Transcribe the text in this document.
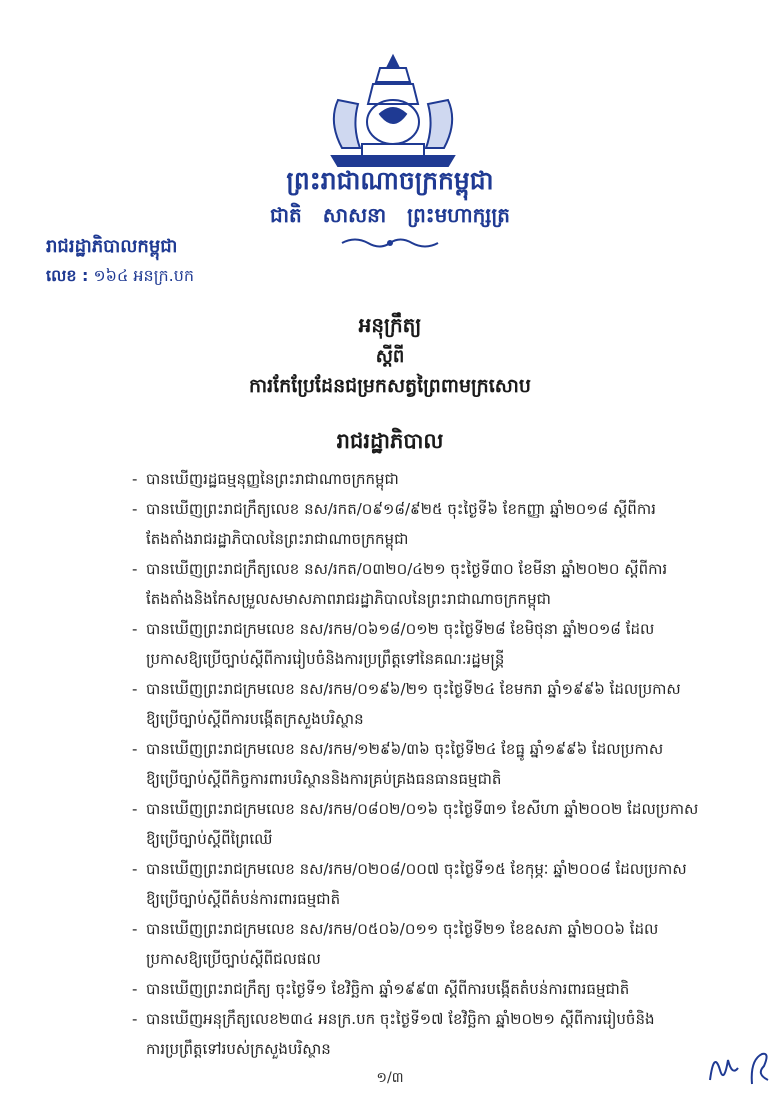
ព្រះរាជាណាចក្រកម្ពុជា
ជាតិ សាសនា ព្រះមហាក្សត្រ
រាជរដ្ឋាភិបាលកម្ពុជា
លេខ : ១៦៤ អនក្រ.បក
អនុក្រឹត្យ
ស្ដីពី
ការកែប្រែដែនជម្រកសត្វព្រៃពាមក្រសោប
រាជរដ្ឋាភិបាល
- បានឃើញរដ្ឋធម្មនុញ្ញនៃព្រះរាជាណាចក្រកម្ពុជា
- បានឃើញព្រះរាជក្រឹត្យលេខ នស/រកត/០៩១៨/៩២៥ ចុះថ្ងៃទី៦ ខែកញ្ញា ឆ្នាំ២០១៨ ស្តីពីការ
តែងតាំងរាជរដ្ឋាភិបាលនៃព្រះរាជាណាចក្រកម្ពុជា
- បានឃើញព្រះរាជក្រឹត្យលេខ នស/រកត/០៣២០/៤២១ ចុះថ្ងៃទី៣០ ខែមីនា ឆ្នាំ២០២០ ស្តីពីការ
តែងតាំងនិងកែសម្រួលសមាសភាពរាជរដ្ឋាភិបាលនៃព្រះរាជាណាចក្រកម្ពុជា
- បានឃើញព្រះរាជក្រមលេខ នស/រកម/០៦១៨/០១២ ចុះថ្ងៃទី២៨ ខែមិថុនា ឆ្នាំ២០១៨ ដែល
ប្រកាសឱ្យប្រើច្បាប់ស្តីពីការរៀបចំនិងការប្រព្រឹត្តទៅនៃគណៈរដ្ឋមន្ត្រី
- បានឃើញព្រះរាជក្រមលេខ នស/រកម/០១៩៦/២១ ចុះថ្ងៃទី២៤ ខែមករា ឆ្នាំ១៩៩៦ ដែលប្រកាស
ឱ្យប្រើច្បាប់ស្តីពីការបង្កើតក្រសួងបរិស្ថាន
- បានឃើញព្រះរាជក្រមលេខ នស/រកម/១២៩៦/៣៦ ចុះថ្ងៃទី២៤ ខែធ្នូ ឆ្នាំ១៩៩៦ ដែលប្រកាស
ឱ្យប្រើច្បាប់ស្តីពីកិច្ចការពារបរិស្ថាននិងការគ្រប់គ្រងធនធានធម្មជាតិ
- បានឃើញព្រះរាជក្រមលេខ នស/រកម/០៨០២/០១៦ ចុះថ្ងៃទី៣១ ខែសីហា ឆ្នាំ២០០២ ដែលប្រកាស
ឱ្យប្រើច្បាប់ស្តីពីព្រៃឈើ
- បានឃើញព្រះរាជក្រមលេខ នស/រកម/០២០៨/០០៧ ចុះថ្ងៃទី១៥ ខែកុម្ភៈ ឆ្នាំ២០០៨ ដែលប្រកាស
ឱ្យប្រើច្បាប់ស្តីពីតំបន់ការពារធម្មជាតិ
- បានឃើញព្រះរាជក្រមលេខ នស/រកម/០៥០៦/០១១ ចុះថ្ងៃទី២១ ខែឧសភា ឆ្នាំ២០០៦ ដែល
ប្រកាសឱ្យប្រើច្បាប់ស្តីពីជលផល
- បានឃើញព្រះរាជក្រឹត្យ ចុះថ្ងៃទី១ ខែវិច្ឆិកា ឆ្នាំ១៩៩៣ ស្តីពីការបង្កើតតំបន់ការពារធម្មជាតិ
- បានឃើញអនុក្រឹត្យលេខ២៣៤ អនក្រ.បក ចុះថ្ងៃទី១៧ ខែវិច្ឆិកា ឆ្នាំ២០២១ ស្តីពីការរៀបចំនិង
ការប្រព្រឹត្តទៅរបស់ក្រសួងបរិស្ថាន
១/៣
